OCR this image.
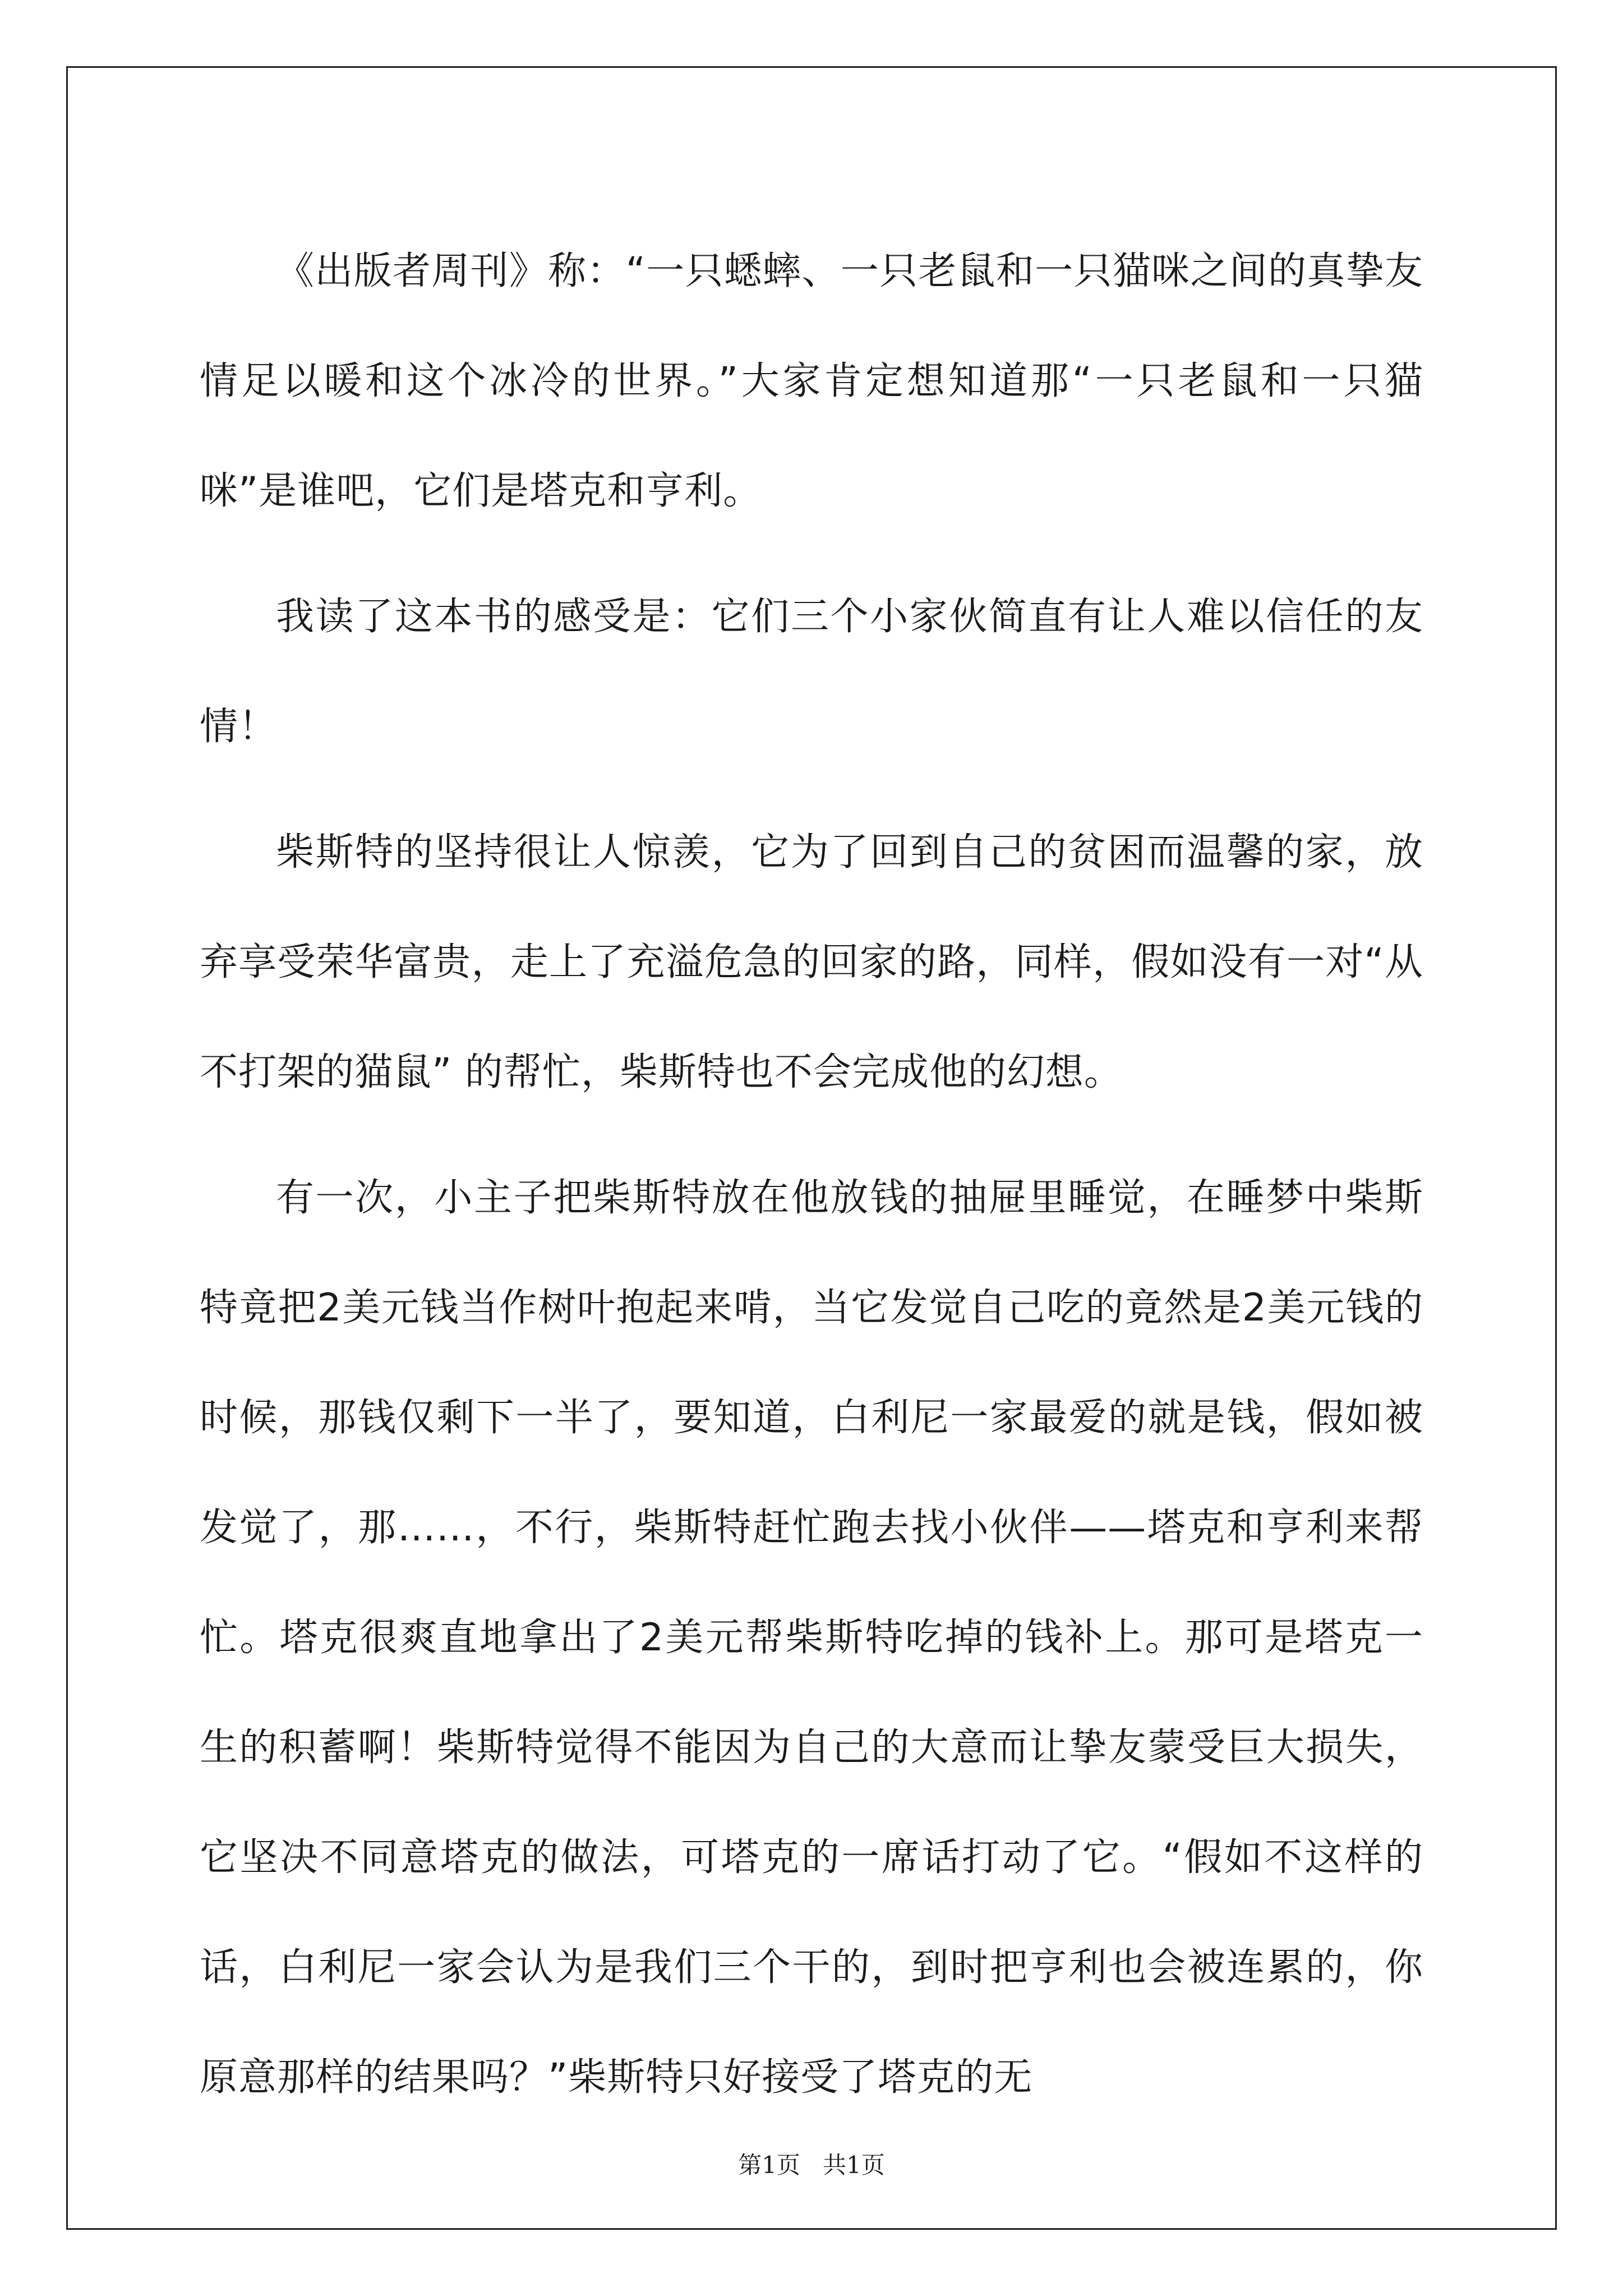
《出版者周刊》称：“一只蟋蟀、一只老鼠和一只猫咪之间的真挚友情足以暖和这个冰冷的世界。”大家肯定想知道那“一只老鼠和一只猫咪”是谁吧，它们是塔克和亨利。

我读了这本书的感受是：它们三个小家伙简直有让人难以信任的友情！

柴斯特的坚持很让人惊羡，它为了回到自己的贫困而温馨的家，放弃享受荣华富贵，走上了充溢危急的回家的路，同样，假如没有一对“从不打架的猫鼠” 的帮忙，柴斯特也不会完成他的幻想。

有一次，小主子把柴斯特放在他放钱的抽屉里睡觉，在睡梦中柴斯特竟把2美元钱当作树叶抱起来啃，当它发觉自己吃的竟然是2美元钱的时候，那钱仅剩下一半了，要知道，白利尼一家最爱的就是钱，假如被发觉了，那……，不行，柴斯特赶忙跑去找小伙伴——塔克和亨利来帮忙。塔克很爽直地拿出了2美元帮柴斯特吃掉的钱补上。那可是塔克一生的积蓄啊！柴斯特觉得不能因为自己的大意而让挚友蒙受巨大损失，它坚决不同意塔克的做法，可塔克的一席话打动了它。“假如不这样的话，白利尼一家会认为是我们三个干的，到时把亨利也会被连累的，你原意那样的结果吗？”柴斯特只好接受了塔克的无

第1页   共1页
